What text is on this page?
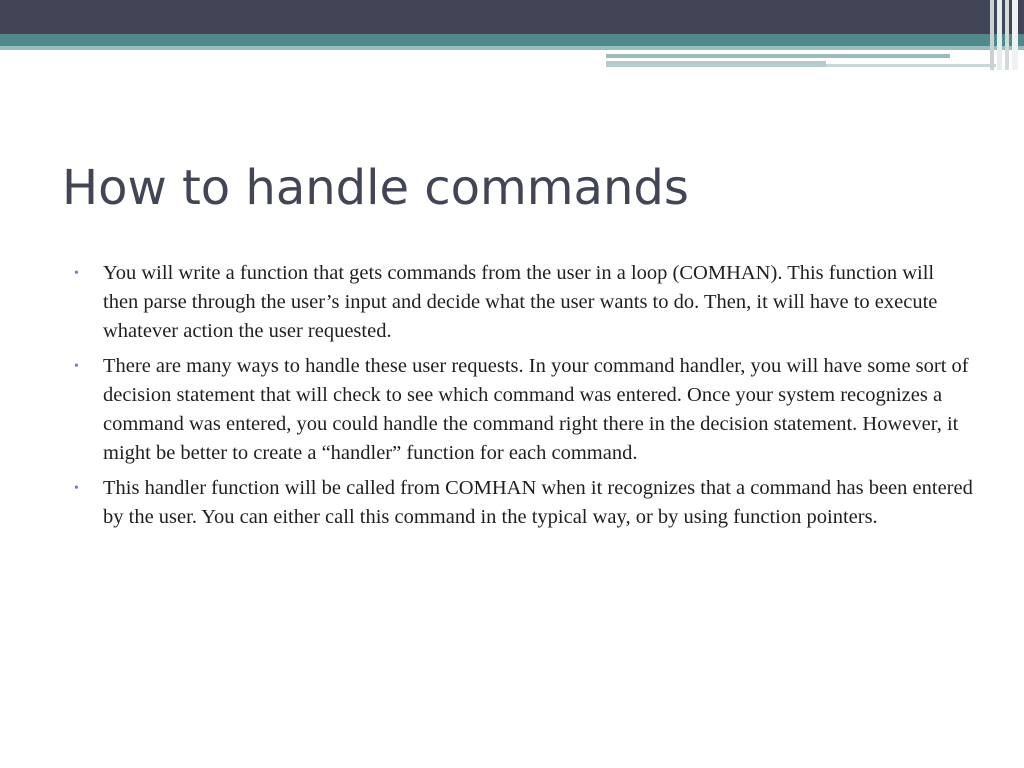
How to handle commands
• You will write a function that gets commands from the user in a loop (COMHAN). This function will then parse through the user’s input and decide what the user wants to do. Then, it will have to execute whatever action the user requested.
• There are many ways to handle these user requests. In your command handler, you will have some sort of decision statement that will check to see which command was entered. Once your system recognizes a command was entered, you could handle the command right there in the decision statement. However, it might be better to create a “handler” function for each command.
• This handler function will be called from COMHAN when it recognizes that a command has been entered by the user. You can either call this command in the typical way, or by using function pointers.
